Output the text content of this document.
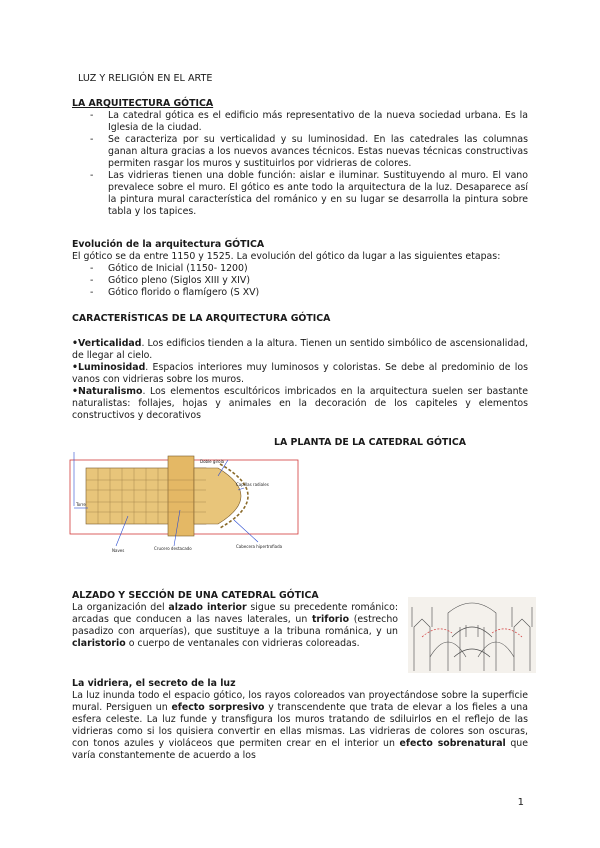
LUZ Y RELIGIÓN EN EL ARTE
LA ARQUITECTURA GÓTICA
- La catedral gótica es el edificio más representativo de la nueva sociedad urbana. Es la Iglesia de la ciudad.
- Se caracteriza por su verticalidad y su luminosidad. En las catedrales las columnas ganan altura gracias a los nuevos avances técnicos. Estas nuevas técnicas constructivas permiten rasgar los muros y sustituirlos por vidrieras de colores.
- Las vidrieras tienen una doble función: aislar e iluminar. Sustituyendo al muro. El vano prevalece sobre el muro. El gótico es ante todo la arquitectura de la luz. Desaparece así la pintura mural característica del románico y en su lugar se desarrolla la pintura sobre tabla y los tapices.
Evolución de la arquitectura GÓTICA
El gótico se da entre 1150 y 1525. La evolución del gótico da lugar a las siguientes etapas:
- Gótico de Inicial (1150- 1200)
- Gótico pleno (Siglos XIII y XIV)
- Gótico florido o flamígero (S XV)
CARACTERÍSTICAS DE LA ARQUITECTURA GÓTICA
•Verticalidad. Los edificios tienden a la altura. Tienen un sentido simbólico de ascensionalidad, de llegar al cielo.
•Luminosidad. Espacios interiores muy luminosos y coloristas. Se debe al predominio de los vanos con vidrieras sobre los muros.
•Naturalismo. Los elementos escultóricos imbricados en la arquitectura suelen ser bastante naturalistas: follajes, hojas y animales en la decoración de los capiteles y elementos constructivos y decorativos
LA PLANTA DE LA CATEDRAL GÓTICA
Doble girola
Capillas radiales
Torre
Naves	Crucero destacado	Cabecera hipertrofiada
ALZADO Y SECCIÓN DE UNA CATEDRAL GÓTICA
La organización del alzado interior sigue su precedente románico: arcadas que conducen a las naves laterales, un triforio (estrecho pasadizo con arquerías), que sustituye a la tribuna románica, y un claristorio o cuerpo de ventanales con vidrieras coloreadas.
La vidriera, el secreto de la luz
La luz inunda todo el espacio gótico, los rayos coloreados van proyectándose sobre la superficie mural. Persiguen un efecto sorpresivo y transcendente que trata de elevar a los fieles a una esfera celeste. La luz funde y transfigura los muros tratando de sdiluirlos en el reflejo de las vidrieras como si los quisiera convertir en ellas mismas. Las vidrieras de colores son oscuras, con tonos azules y violáceos que permiten crear en el interior un efecto sobrenatural que varía constantemente de acuerdo a los
1
